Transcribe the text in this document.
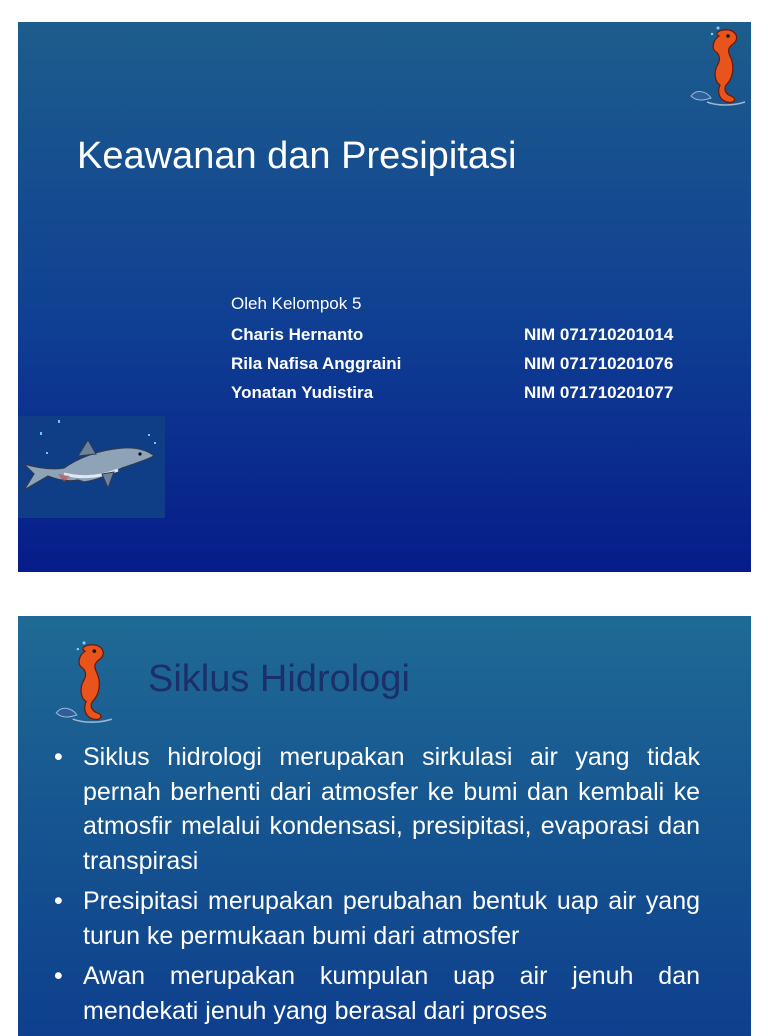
Keawanan dan Presipitasi
Oleh Kelompok 5
Charis Hernanto	NIM 071710201014
Rila Nafisa Anggraini	NIM 071710201076
Yonatan Yudistira	NIM 071710201077
Siklus Hidrologi
• Siklus hidrologi merupakan sirkulasi air yang tidak pernah berhenti dari atmosfer ke bumi dan kembali ke atmosfir melalui kondensasi, presipitasi, evaporasi dan transpirasi
• Presipitasi merupakan perubahan bentuk uap air yang turun ke permukaan bumi dari atmosfer
• Awan merupakan kumpulan uap air jenuh dan mendekati jenuh yang berasal dari proses
